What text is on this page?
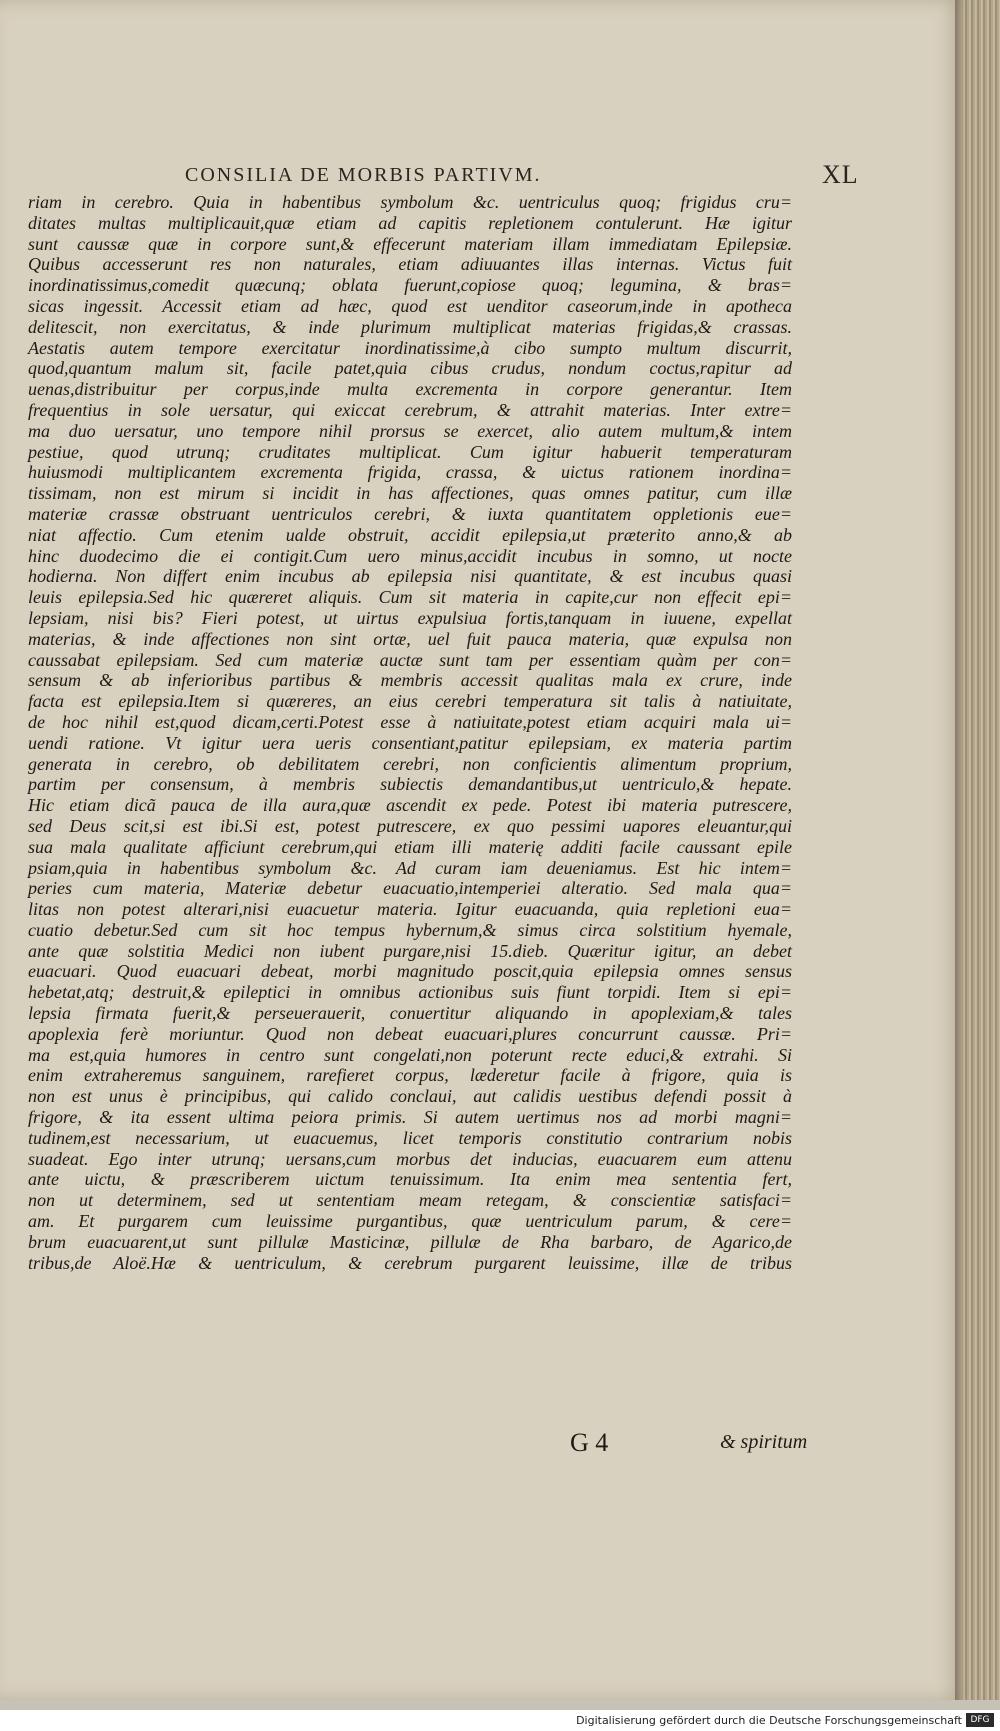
CONSILIA DE MORBIS PARTIVM.	XL
riam in cerebro. Quia in habentibus symbolum &c. uentriculus quoq; frigidus cru=
ditates multas multiplicauit,quæ etiam ad capitis repletionem contulerunt. Hæ igitur
sunt caussæ quæ in corpore sunt,& effecerunt materiam illam immediatam Epilepsiæ.
Quibus accesserunt res non naturales, etiam adiuuantes illas internas. Victus fuit
inordinatissimus,comedit quæcunq; oblata fuerunt,copiose quoq; legumina, & bras=
sicas ingessit. Accessit etiam ad hæc, quod est uenditor caseorum,inde in apotheca
delitescit, non exercitatus, & inde plurimum multiplicat materias frigidas,& crassas.
Aestatis autem tempore exercitatur inordinatissime,à cibo sumpto multum discurrit,
quod,quantum malum sit, facile patet,quia cibus crudus, nondum coctus,rapitur ad
uenas,distribuitur per corpus,inde multa excrementa in corpore generantur. Item
frequentius in sole uersatur, qui exiccat cerebrum, & attrahit materias. Inter extre=
ma duo uersatur, uno tempore nihil prorsus se exercet, alio autem multum,& intem
pestiue, quod utrunq; cruditates multiplicat. Cum igitur habuerit temperaturam
huiusmodi multiplicantem excrementa frigida, crassa, & uictus rationem inordina=
tissimam, non est mirum si incidit in has affectiones, quas omnes patitur, cum illæ
materiæ crassæ obstruant uentriculos cerebri, & iuxta quantitatem oppletionis eue=
niat affectio. Cum etenim ualde obstruit, accidit epilepsia,ut præterito anno,& ab
hinc duodecimo die ei contigit.Cum uero minus,accidit incubus in somno, ut nocte
hodierna. Non differt enim incubus ab epilepsia nisi quantitate, & est incubus quasi
leuis epilepsia.Sed hic quæreret aliquis. Cum sit materia in capite,cur non effecit epi=
lepsiam, nisi bis? Fieri potest, ut uirtus expulsiua fortis,tanquam in iuuene, expellat
materias, & inde affectiones non sint ortæ, uel fuit pauca materia, quæ expulsa non
caussabat epilepsiam. Sed cum materiæ auctæ sunt tam per essentiam quàm per con=
sensum & ab inferioribus partibus & membris accessit qualitas mala ex crure, inde
facta est epilepsia.Item si quæreres, an eius cerebri temperatura sit talis à natiuitate,
de hoc nihil est,quod dicam,certi.Potest esse à natiuitate,potest etiam acquiri mala ui=
uendi ratione. Vt igitur uera ueris consentiant,patitur epilepsiam, ex materia partim
generata in cerebro, ob debilitatem cerebri, non conficientis alimentum proprium,
partim per consensum, à membris subiectis demandantibus,ut uentriculo,& hepate.
Hic etiam dicã pauca de illa aura,quæ ascendit ex pede. Potest ibi materia putrescere,
sed Deus scit,si est ibi.Si est, potest putrescere, ex quo pessimi uapores eleuantur,qui
sua mala qualitate afficiunt cerebrum,qui etiam illi materię additi facile caussant epile
psiam,quia in habentibus symbolum &c. Ad curam iam deueniamus. Est hic intem=
peries cum materia, Materiæ debetur euacuatio,intemperiei alteratio. Sed mala qua=
litas non potest alterari,nisi euacuetur materia. Igitur euacuanda, quia repletioni eua=
cuatio debetur.Sed cum sit hoc tempus hybernum,& simus circa solstitium hyemale,
ante quæ solstitia Medici non iubent purgare,nisi 15.dieb. Quæritur igitur, an debet
euacuari. Quod euacuari debeat, morbi magnitudo poscit,quia epilepsia omnes sensus
hebetat,atq; destruit,& epileptici in omnibus actionibus suis fiunt torpidi. Item si epi=
lepsia firmata fuerit,& perseuerauerit, conuertitur aliquando in apoplexiam,& tales
apoplexia ferè moriuntur. Quod non debeat euacuari,plures concurrunt caussæ. Pri=
ma est,quia humores in centro sunt congelati,non poterunt recte educi,& extrahi. Si
enim extraheremus sanguinem, rarefieret corpus, læderetur facile à frigore, quia is
non est unus è principibus, qui calido conclaui, aut calidis uestibus defendi possit à
frigore, & ita essent ultima peiora primis. Si autem uertimus nos ad morbi magni=
tudinem,est necessarium, ut euacuemus, licet temporis constitutio contrarium nobis
suadeat. Ego inter utrunq; uersans,cum morbus det inducias, euacuarem eum attenu
ante uictu, & præscriberem uictum tenuissimum. Ita enim mea sententia fert,
non ut determinem, sed ut sententiam meam retegam, & conscientiæ satisfaci=
am. Et purgarem cum leuissime purgantibus, quæ uentriculum parum, & cere=
brum euacuarent,ut sunt pillulæ Masticinæ, pillulæ de Rha barbaro, de Agarico,de
tribus,de Aloë.Hæ & uentriculum, & cerebrum purgarent leuissime, illæ de tribus
G 4	& spiritum
Digitalisierung gefördert durch die Deutsche Forschungsgemeinschaft DFG
